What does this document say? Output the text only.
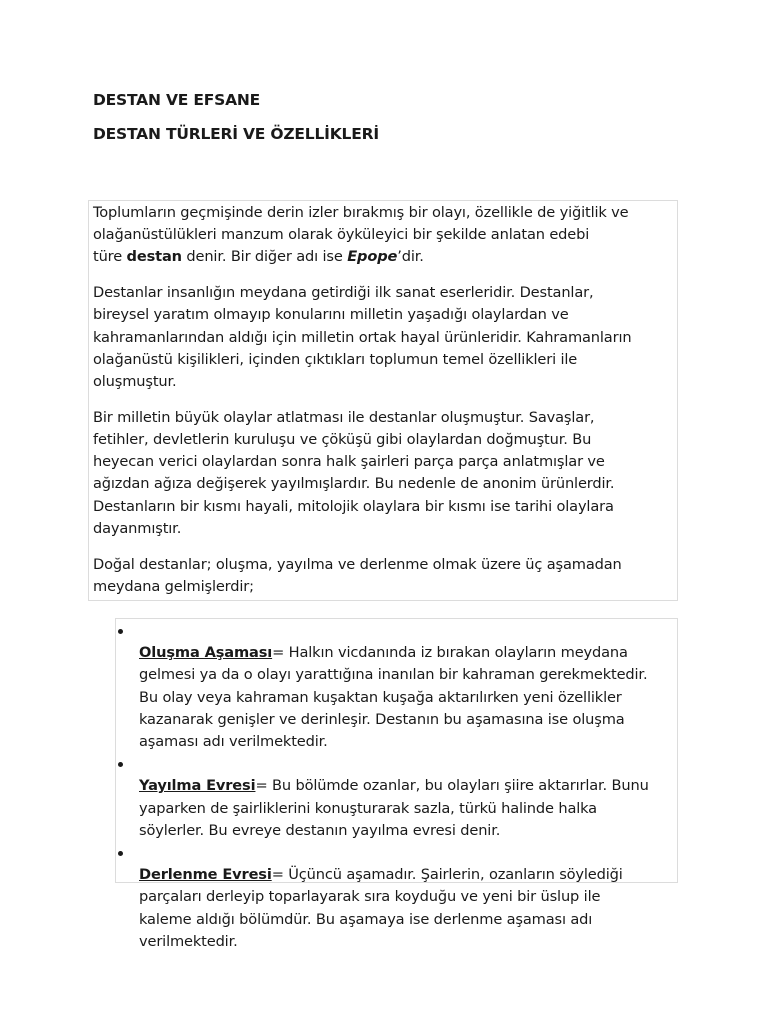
DESTAN VE EFSANE
DESTAN TÜRLERİ VE ÖZELLİKLERİ

Toplumların geçmişinde derin izler bırakmış bir olayı, özellikle de yiğitlik ve
olağanüstülükleri manzum olarak öyküleyici bir şekilde anlatan edebi
türe destan denir. Bir diğer adı ise Epope’dir.

Destanlar insanlığın meydana getirdiği ilk sanat eserleridir. Destanlar,
bireysel yaratım olmayıp konularını milletin yaşadığı olaylardan ve
kahramanlarından aldığı için milletin ortak hayal ürünleridir. Kahramanların
olağanüstü kişilikleri, içinden çıktıkları toplumun temel özellikleri ile
oluşmuştur.

Bir milletin büyük olaylar atlatması ile destanlar oluşmuştur. Savaşlar,
fetihler, devletlerin kuruluşu ve çöküşü gibi olaylardan doğmuştur. Bu
heyecan verici olaylardan sonra halk şairleri parça parça anlatmışlar ve
ağızdan ağıza değişerek yayılmışlardır. Bu nedenle de anonim ürünlerdir.
Destanların bir kısmı hayali, mitolojik olaylara bir kısmı ise tarihi olaylara
dayanmıştır.

Doğal destanlar; oluşma, yayılma ve derlenme olmak üzere üç aşamadan
meydana gelmişlerdir;

Oluşma Aşaması= Halkın vicdanında iz bırakan olayların meydana
gelmesi ya da o olayı yarattığına inanılan bir kahraman gerekmektedir.
Bu olay veya kahraman kuşaktan kuşağa aktarılırken yeni özellikler
kazanarak genişler ve derinleşir. Destanın bu aşamasına ise oluşma
aşaması adı verilmektedir.

Yayılma Evresi= Bu bölümde ozanlar, bu olayları şiire aktarırlar. Bunu
yaparken de şairliklerini konuşturarak sazla, türkü halinde halka
söylerler. Bu evreye destanın yayılma evresi denir.

Derlenme Evresi= Üçüncü aşamadır. Şairlerin, ozanların söylediği
parçaları derleyip toparlayarak sıra koyduğu ve yeni bir üslup ile
kaleme aldığı bölümdür. Bu aşamaya ise derlenme aşaması adı
verilmektedir.
